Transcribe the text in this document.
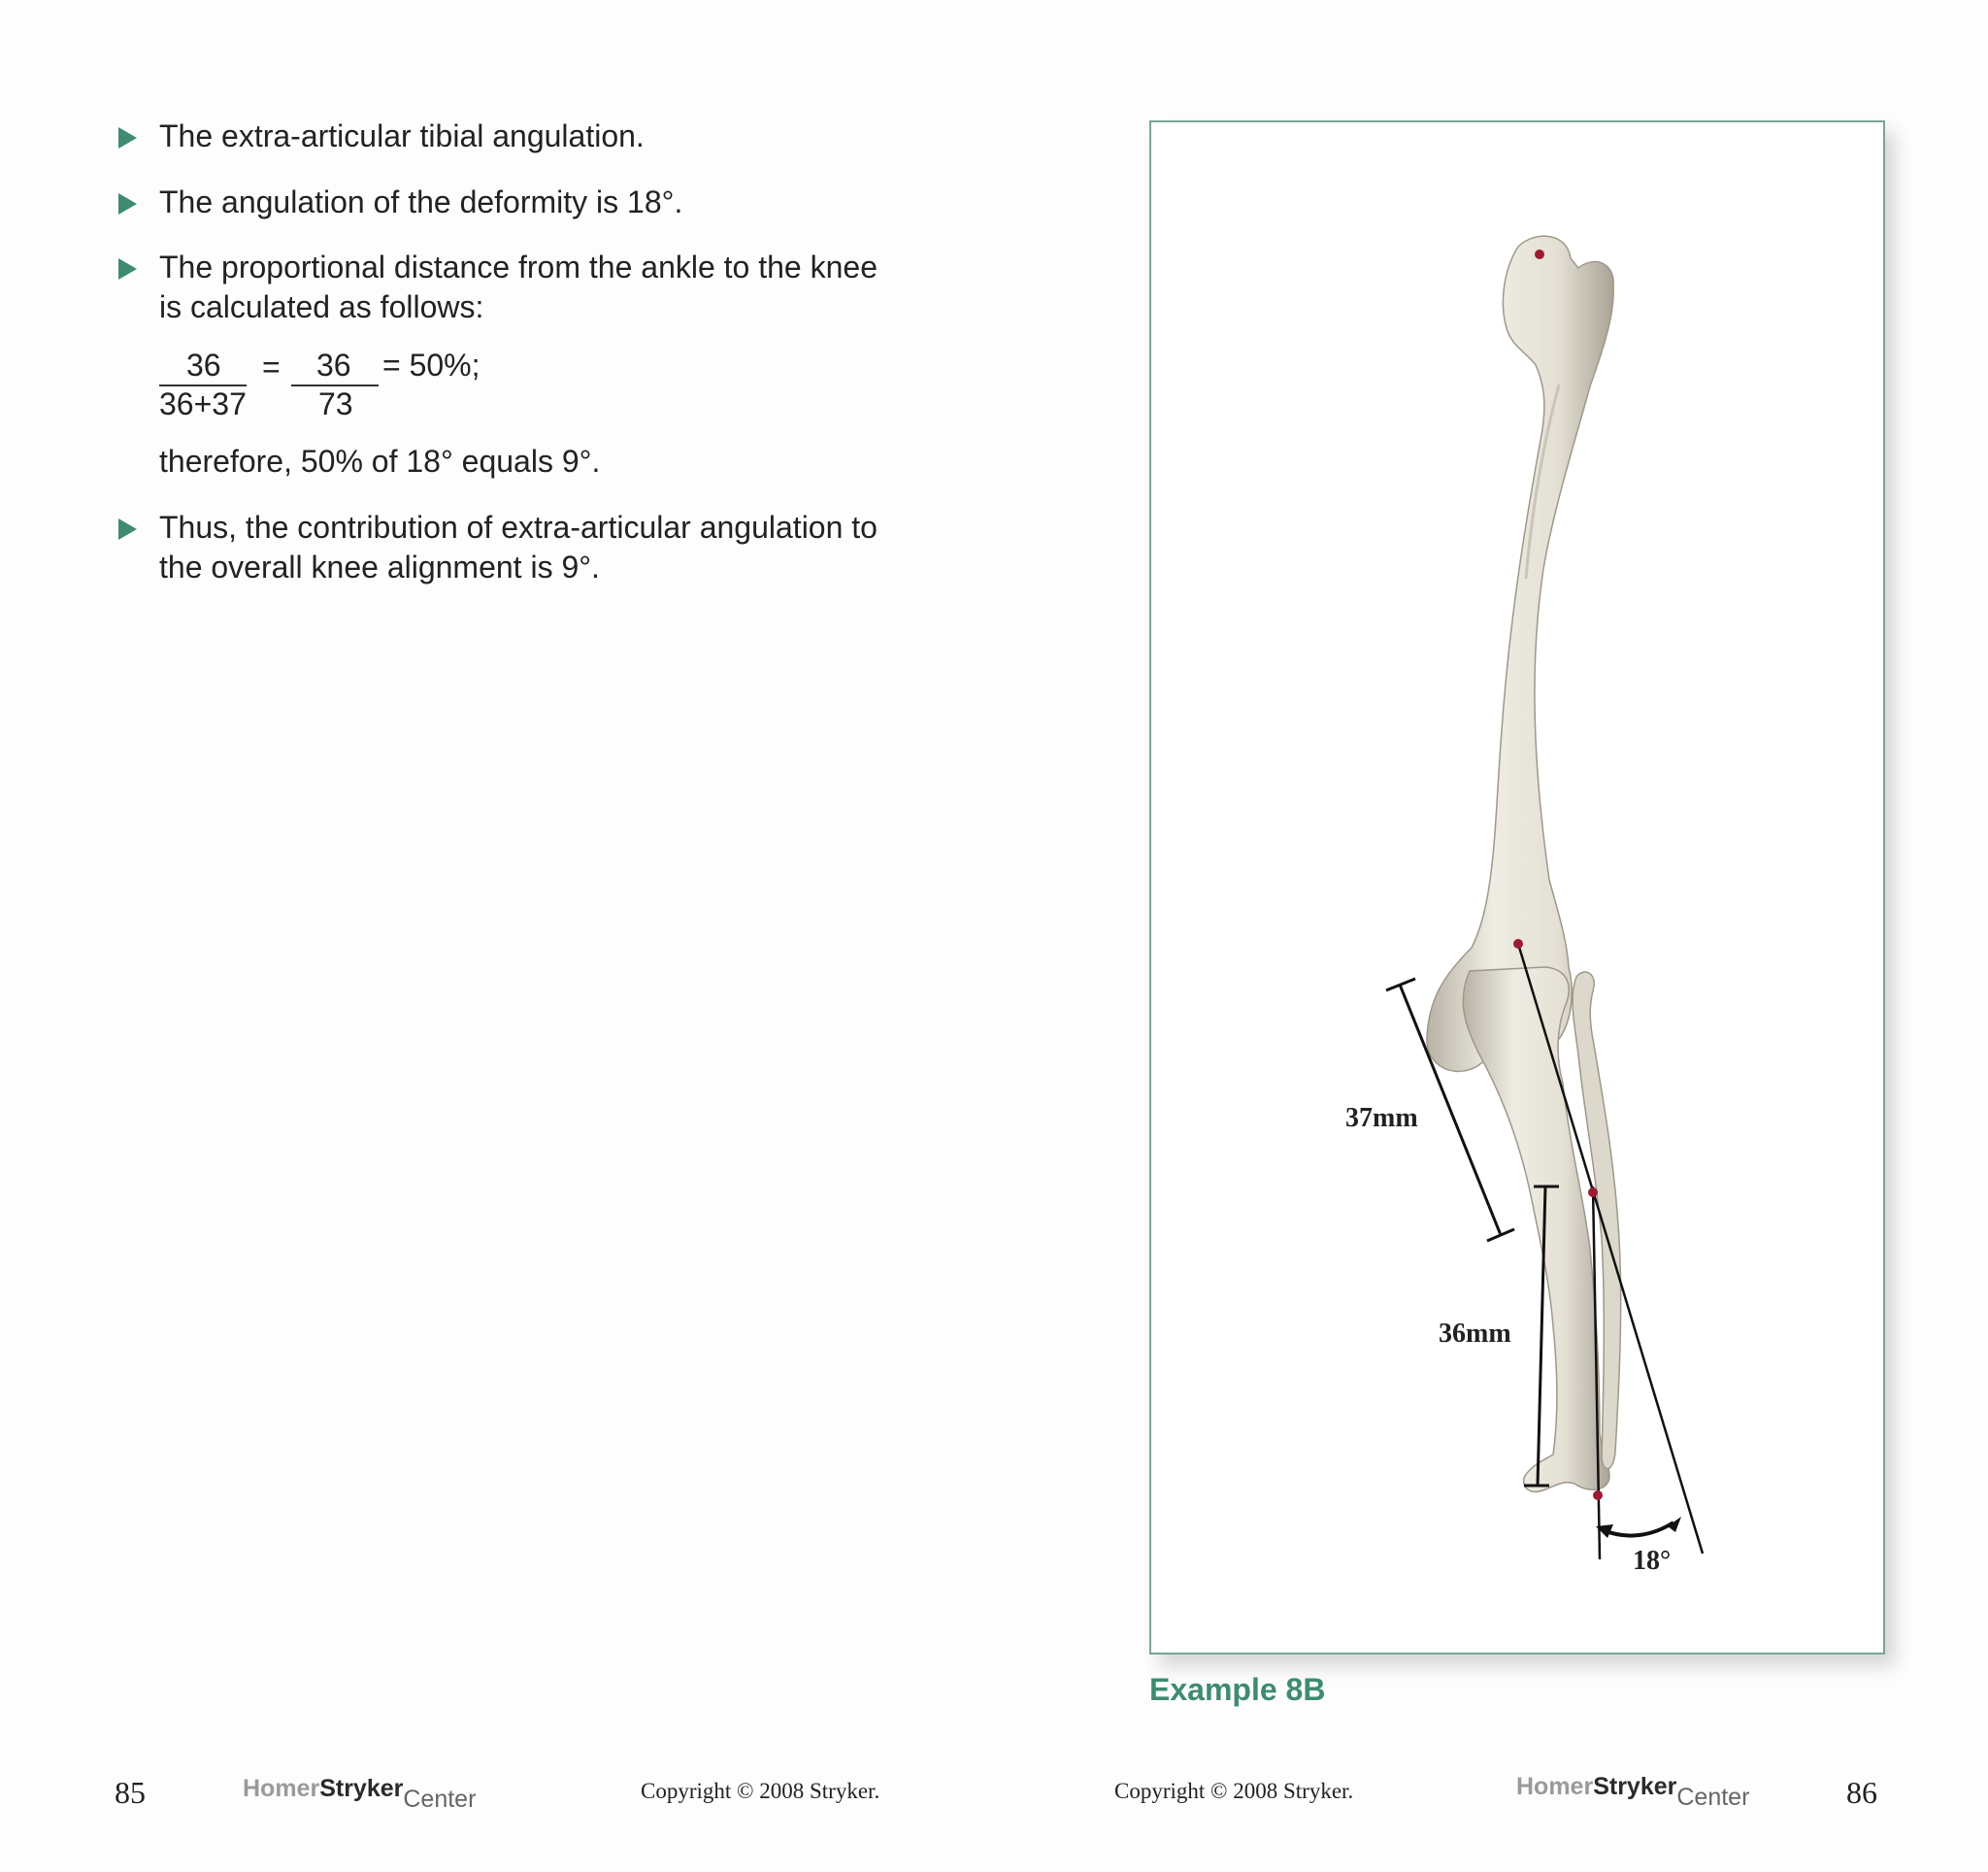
The extra-articular tibial angulation.
The angulation of the deformity is 18°.
The proportional distance from the ankle to the knee
is calculated as follows:
Thus, the contribution of extra-articular angulation to
the overall knee alignment is 9°.
36
36+37
= 36
73
= 50%;
therefore, 50% of 18° equals 9°.
37mm
36mm
18°
Example 8B
85	HomerStrykerCenter	Copyright © 2008 Stryker.	Copyright © 2008 Stryker.	HomerStrykerCenter	86
